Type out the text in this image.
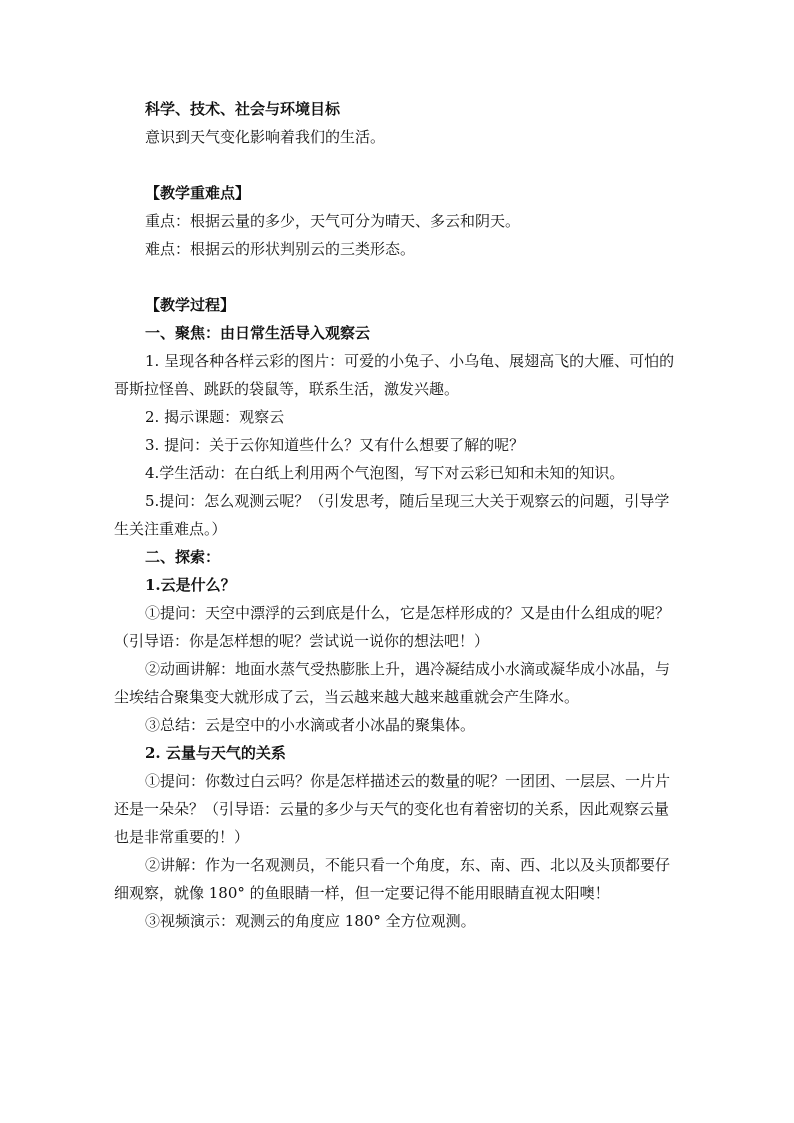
科学、技术、社会与环境目标

意识到天气变化影响着我们的生活。

【教学重难点】

重点：根据云量的多少，天气可分为晴天、多云和阴天。

难点：根据云的形状判别云的三类形态。

【教学过程】

一、聚焦：由日常生活导入观察云

1. 呈现各种各样云彩的图片：可爱的小兔子、小乌龟、展翅高飞的大雁、可怕的哥斯拉怪兽、跳跃的袋鼠等，联系生活，激发兴趣。

2. 揭示课题：观察云

3. 提问：关于云你知道些什么？又有什么想要了解的呢？

4.学生活动：在白纸上利用两个气泡图，写下对云彩已知和未知的知识。

5.提问：怎么观测云呢？（引发思考，随后呈现三大关于观察云的问题，引导学生关注重难点。）

二、探索：

1.云是什么？

①提问：天空中漂浮的云到底是什么，它是怎样形成的？又是由什么组成的呢？（引导语：你是怎样想的呢？尝试说一说你的想法吧！）

②动画讲解：地面水蒸气受热膨胀上升，遇冷凝结成小水滴或凝华成小冰晶，与尘埃结合聚集变大就形成了云，当云越来越大越来越重就会产生降水。

③总结：云是空中的小水滴或者小冰晶的聚集体。

2. 云量与天气的关系

①提问：你数过白云吗？你是怎样描述云的数量的呢？一团团、一层层、一片片还是一朵朵？（引导语：云量的多少与天气的变化也有着密切的关系，因此观察云量也是非常重要的！）

②讲解：作为一名观测员，不能只看一个角度，东、南、西、北以及头顶都要仔细观察，就像 180° 的鱼眼睛一样，但一定要记得不能用眼睛直视太阳噢！

③视频演示：观测云的角度应 180° 全方位观测。
